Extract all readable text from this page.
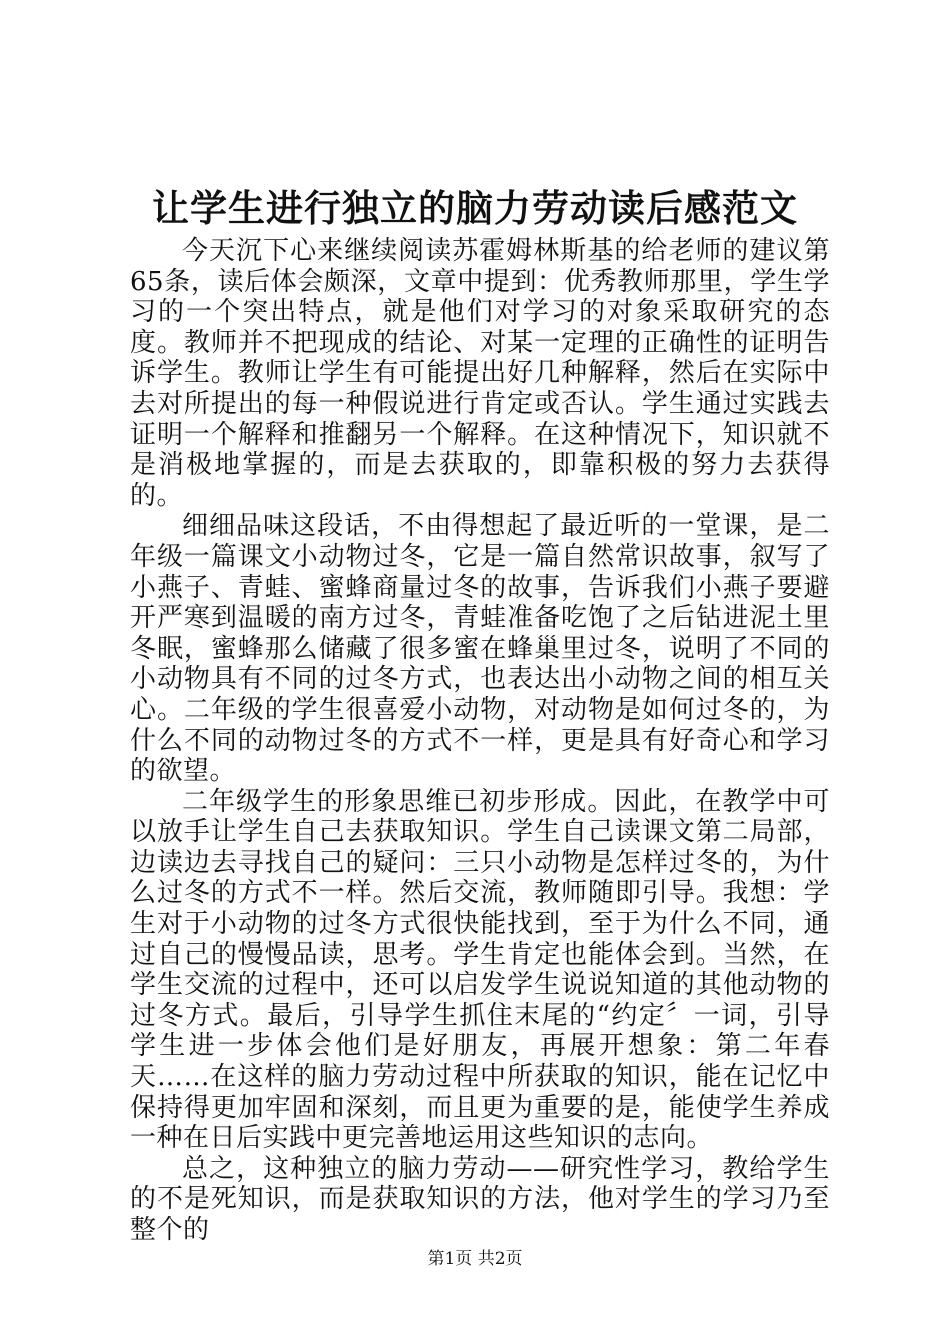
让学生进行独立的脑力劳动读后感范文

今天沉下心来继续阅读苏霍姆林斯基的给老师的建议第65条，读后体会颇深，文章中提到：优秀教师那里，学生学习的一个突出特点，就是他们对学习的对象采取研究的态度。教师并不把现成的结论、对某一定理的正确性的证明告诉学生。教师让学生有可能提出好几种解释，然后在实际中去对所提出的每一种假说进行肯定或否认。学生通过实践去证明一个解释和推翻另一个解释。在这种情况下，知识就不是消极地掌握的，而是去获取的，即靠积极的努力去获得的。

细细品味这段话，不由得想起了最近听的一堂课，是二年级一篇课文小动物过冬，它是一篇自然常识故事，叙写了小燕子、青蛙、蜜蜂商量过冬的故事，告诉我们小燕子要避开严寒到温暖的南方过冬，青蛙准备吃饱了之后钻进泥土里冬眠，蜜蜂那么储藏了很多蜜在蜂巢里过冬，说明了不同的小动物具有不同的过冬方式，也表达出小动物之间的相互关心。二年级的学生很喜爱小动物，对动物是如何过冬的，为什么不同的动物过冬的方式不一样，更是具有好奇心和学习的欲望。

二年级学生的形象思维已初步形成。因此，在教学中可以放手让学生自己去获取知识。学生自己读课文第二局部，边读边去寻找自己的疑问：三只小动物是怎样过冬的，为什么过冬的方式不一样。然后交流，教师随即引导。我想：学生对于小动物的过冬方式很快能找到，至于为什么不同，通过自己的慢慢品读，思考。学生肯定也能体会到。当然，在学生交流的过程中，还可以启发学生说说知道的其他动物的过冬方式。最后，引导学生抓住末尾的“约定〞一词，引导学生进一步体会他们是好朋友，再展开想象：第二年春天……在这样的脑力劳动过程中所获取的知识，能在记忆中保持得更加牢固和深刻，而且更为重要的是，能使学生养成一种在日后实践中更完善地运用这些知识的志向。

总之，这种独立的脑力劳动——研究性学习，教给学生的不是死知识，而是获取知识的方法，他对学生的学习乃至整个的

第1页 共2页
